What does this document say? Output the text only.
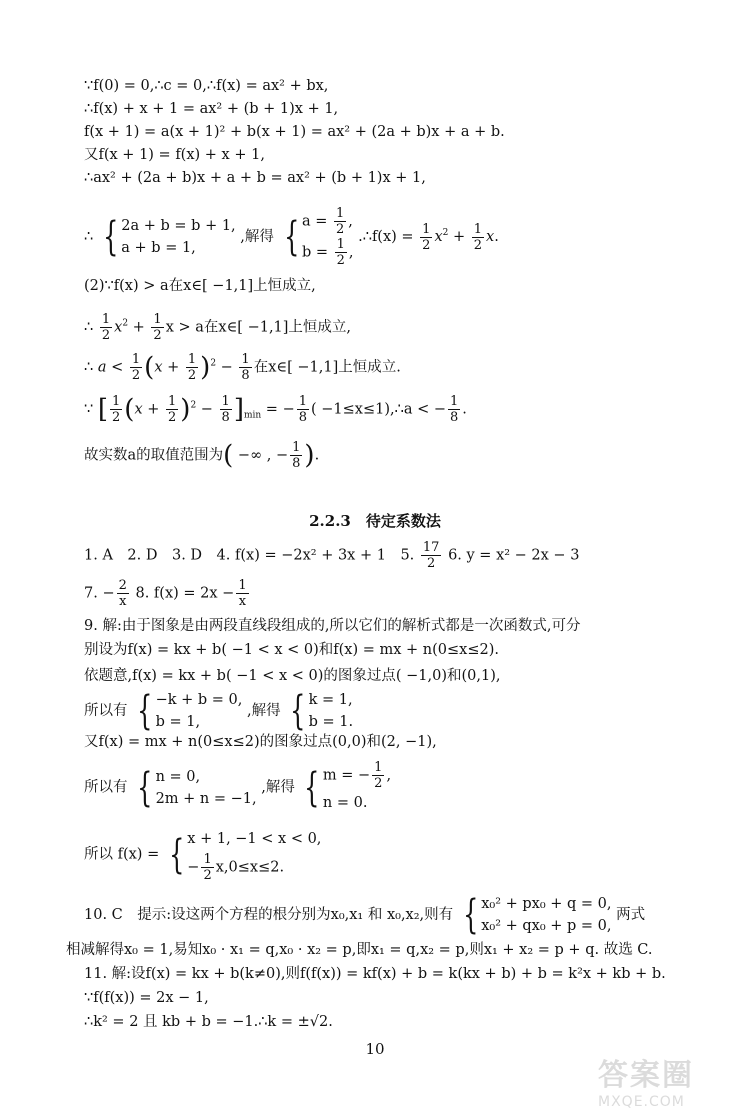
∵f(0) = 0,∴c = 0,∴f(x) = ax² + bx,
∴f(x) + x + 1 = ax² + (b + 1)x + 1,
f(x + 1) = a(x + 1)² + b(x + 1) = ax² + (2a + b)x + a + b.
又f(x + 1) = f(x) + x + 1,
∴ax² + (2a + b)x + a + b = ax² + (b + 1)x + 1,
∴ { 2a + b = b + 1,
a + b = 1,
,解得 { $a = \frac{1}{2}$ ,
$b = \frac{1}{2}$ ,
.∴f(x) = $\frac{1}{2} x^2 + \frac{1}{2} x$.
(2)∵f(x) > a在x∈[ −1,1]上恒成立,
∴ $\frac{1}{2} x^2 + \frac{1}{2}$ x > a在x∈[ −1,1]上恒成立,
∴ $a < \frac{1}{2} (x + \frac{1}{2} )^2 - \frac{1}{8}$ 在x∈[ −1,1]上恒成立.
∵ [ $\frac{1}{2} (x + \frac{1}{2} )^2 - \frac{1}{8} ]_{min}$ = − $\frac{1}{8}$ ( −1≤x≤1),∴a < − $\frac{1}{8}$ .
故实数a的取值范围为( −∞ , − $\frac{1}{8}$ ).
2.2.3　待定系数法
1. A　2. D　3. D　4. f(x) = −2x² + 3x + 1　5. $\frac{17}{2} 6$. y = x² − 2x − 3
7. − $\frac{2}{x} 8$. $f(x) = 2x - \frac{1}{x}$
9. 解:由于图象是由两段直线段组成的,所以它们的解析式都是一次函数式,可分
别设为f(x) = kx + b( −1 < x < 0)和f(x) = mx + n(0≤x≤2).
依题意,f(x) = kx + b( −1 < x < 0)的图象过点( −1,0)和(0,1),
所以有 { −k + b = 0,
b = 1,
,解得 { k = 1,
b = 1.
又f(x) = mx + n(0≤x≤2)的图象过点(0,0)和(2, −1),
所以有 { n = 0,
2m + n = −1,
,解得 { m = − $\frac{1}{2}$ ,
n = 0.
所以 f(x) = { x + 1, −1 < x < 0,
− $\frac{1}{2} x,0\le x\le 2$.
10. C　提示:设这两个方程的根分别为x₀,x₁ 和 x₀,x₂,则有 { x₀² + px₀ + q = 0,
x₀² + qx₀ + p = 0,
两式
相减解得x₀ = 1,易知x₀ · x₁ = q,x₀ · x₂ = p,即x₁ = q,x₂ = p,则x₁ + x₂ = p + q. 故选 C.
11. 解:设f(x) = kx + b(k≠0),则f(f(x)) = kf(x) + b = k(kx + b) + b = k²x + kb + b.
∵f(f(x)) = 2x − 1,
∴k² = 2 且 kb + b = −1.∴k = ±√2.
10
答案圈
MXQE.COM
